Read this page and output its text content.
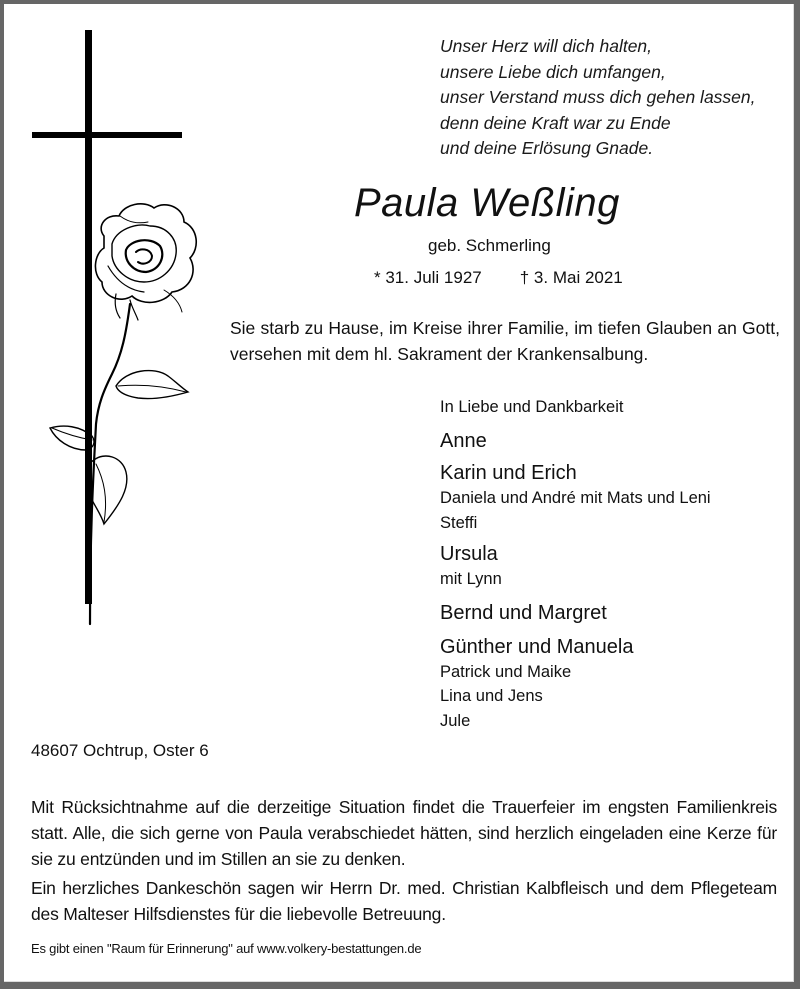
Unser Herz will dich halten,
unsere Liebe dich umfangen,
unser Verstand muss dich gehen lassen,
denn deine Kraft war zu Ende
und deine Erlösung Gnade.
Paula Weßling
geb. Schmerling
* 31. Juli 1927 † 3. Mai 2021
Sie starb zu Hause, im Kreise ihrer Familie, im tiefen Glauben an Gott, versehen mit dem hl. Sakrament der Krankensalbung.
In Liebe und Dankbarkeit
Anne
Karin und Erich
Daniela und André mit Mats und Leni
Steffi
Ursula
mit Lynn
Bernd und Margret
Günther und Manuela
Patrick und Maike
Lina und Jens
Jule
48607 Ochtrup, Oster 6
Mit Rücksichtnahme auf die derzeitige Situation findet die Trauerfeier im engsten Familienkreis statt. Alle, die sich gerne von Paula verabschiedet hätten, sind herzlich eingeladen eine Kerze für sie zu entzünden und im Stillen an sie zu denken.
Ein herzliches Dankeschön sagen wir Herrn Dr. med. Christian Kalbfleisch und dem Pflegeteam des Malteser Hilfsdienstes für die liebevolle Betreuung.
Es gibt einen "Raum für Erinnerung" auf www.volkery-bestattungen.de
